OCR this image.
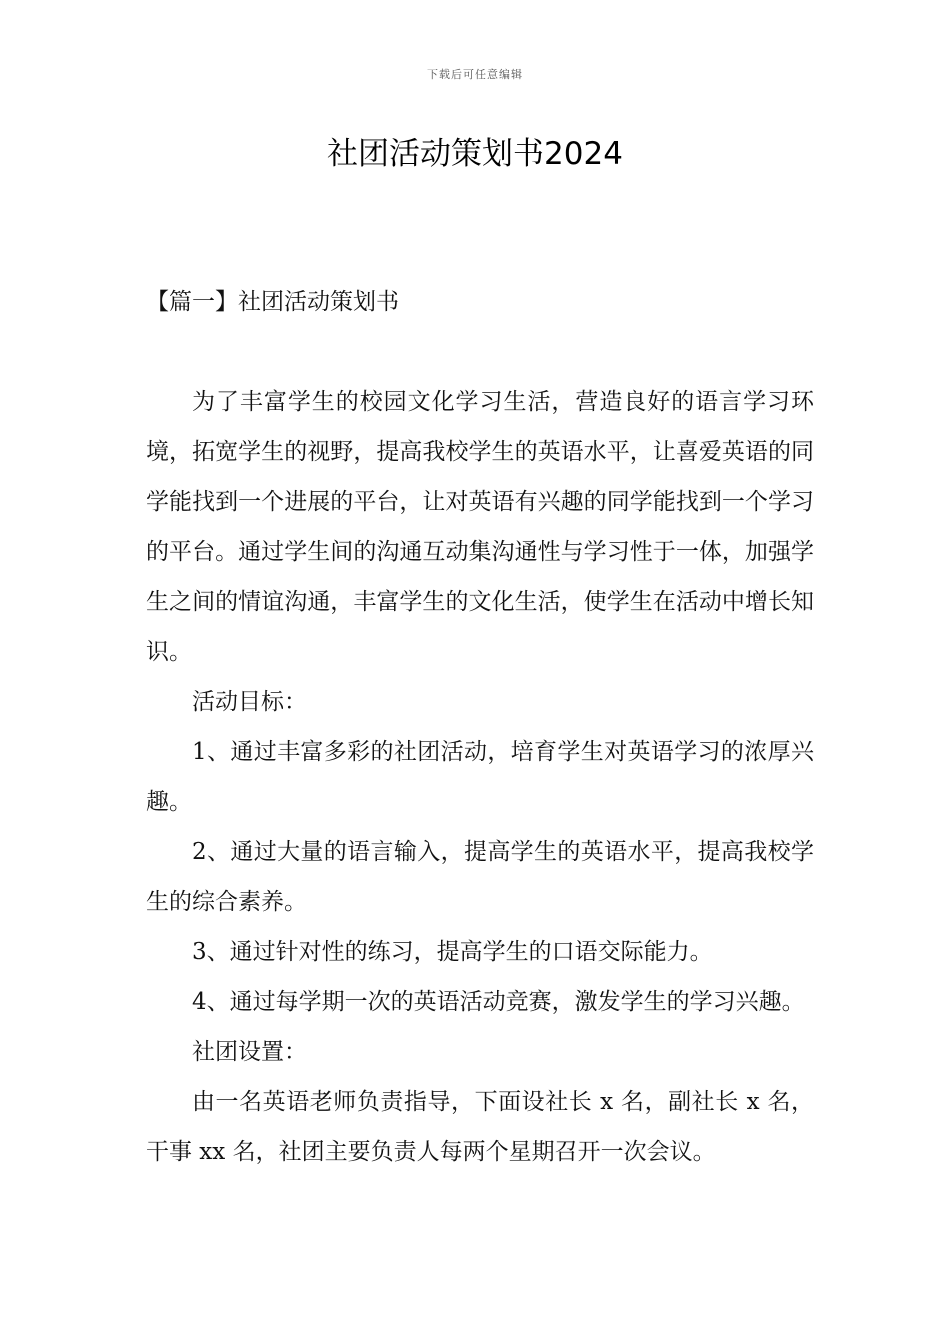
下载后可任意编辑
社团活动策划书2024
【篇一】社团活动策划书

为了丰富学生的校园文化学习生活，营造良好的语言学习环境，拓宽学生的视野，提高我校学生的英语水平，让喜爱英语的同学能找到一个进展的平台，让对英语有兴趣的同学能找到一个学习的平台。通过学生间的沟通互动集沟通性与学习性于一体，加强学生之间的情谊沟通，丰富学生的文化生活，使学生在活动中增长知识。

活动目标：

1、通过丰富多彩的社团活动，培育学生对英语学习的浓厚兴趣。

2、通过大量的语言输入，提高学生的英语水平，提高我校学生的综合素养。

3、通过针对性的练习，提高学生的口语交际能力。

4、通过每学期一次的英语活动竞赛，激发学生的学习兴趣。

社团设置：

由一名英语老师负责指导，下面设社长 x 名，副社长 x 名，干事 xx 名，社团主要负责人每两个星期召开一次会议。
